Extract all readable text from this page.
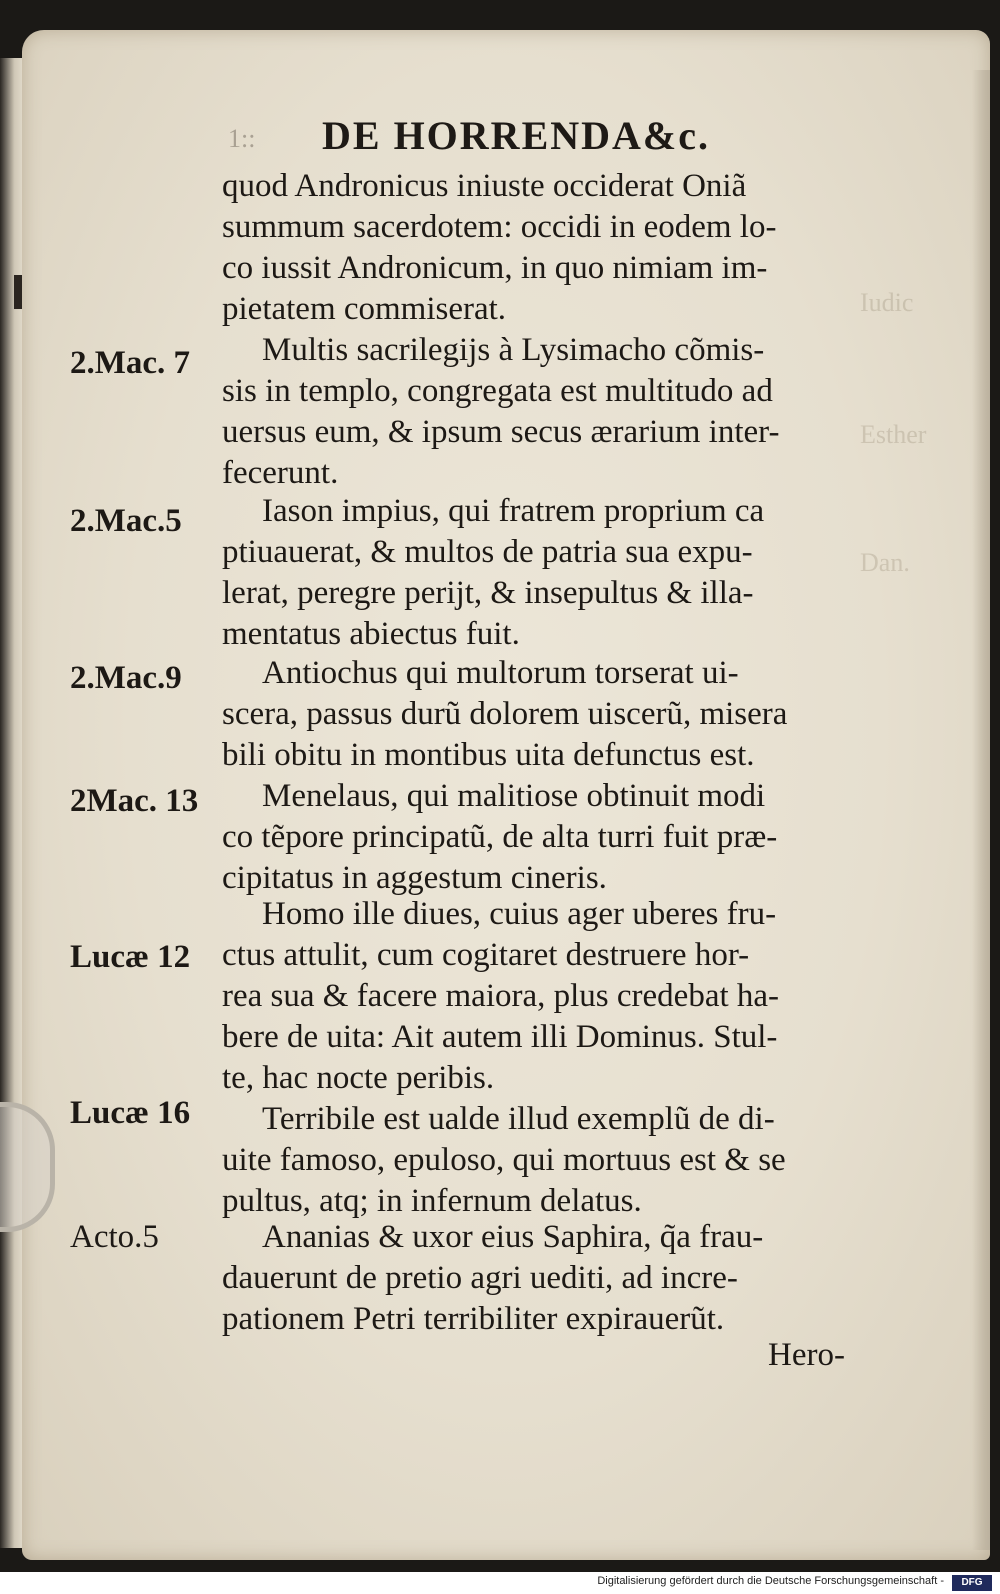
Iudic
Esther
Dan.
1:: DE HORRENDA&c.
2.Mac. 7
2.Mac.5
2.Mac.9
2Mac. 13
Lucæ 12
Lucæ 16
Acto.5
quod Andronicus iniuste occiderat Oniã
summum sacerdotem: occidi in eodem lo-
co iussit Andronicum, in quo nimiam im-
pietatem commiserat.
Multis sacrilegijs à Lysimacho cõmis-
sis in templo, congregata est multitudo ad
uersus eum, & ipsum secus ærarium inter-
fecerunt.
Iason impius, qui fratrem proprium ca
ptiuauerat, & multos de patria sua expu-
lerat, peregre perijt, & insepultus & illa-
mentatus abiectus fuit.
Antiochus qui multorum torserat ui-
scera, passus durũ dolorem uiscerũ, misera
bili obitu in montibus uita defunctus est.
Menelaus, qui malitiose obtinuit modi
co tẽpore principatũ, de alta turri fuit præ-
cipitatus in aggestum cineris.
Homo ille diues, cuius ager uberes fru-
ctus attulit, cum cogitaret destruere hor-
rea sua & facere maiora, plus credebat ha-
bere de uita: Ait autem illi Dominus. Stul-
te, hac nocte peribis.
Terribile est ualde illud exemplũ de di-
uite famoso, epuloso, qui mortuus est & se
pultus, atq; in infernum delatus.
Ananias & uxor eius Saphira, q̃a frau-
dauerunt de pretio agri uediti, ad incre-
pationem Petri terribiliter expirauerũt.
Hero-
Digitalisierung gefördert durch die Deutsche Forschungsgemeinschaft -	DFG
